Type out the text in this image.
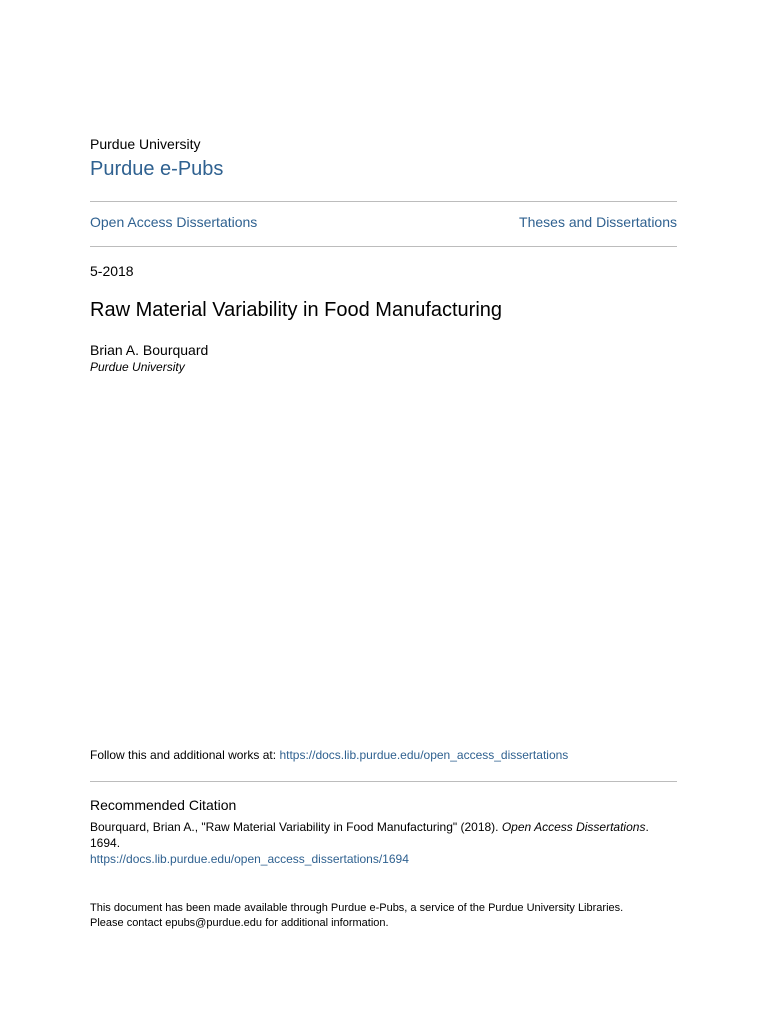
Purdue University
Purdue e-Pubs
Open Access Dissertations	Theses and Dissertations
5-2018
Raw Material Variability in Food Manufacturing
Brian A. Bourquard
Purdue University
Follow this and additional works at: https://docs.lib.purdue.edu/open_access_dissertations
Recommended Citation
Bourquard, Brian A., "Raw Material Variability in Food Manufacturing" (2018). Open Access Dissertations.
1694.
https://docs.lib.purdue.edu/open_access_dissertations/1694
This document has been made available through Purdue e-Pubs, a service of the Purdue University Libraries.
Please contact epubs@purdue.edu for additional information.
